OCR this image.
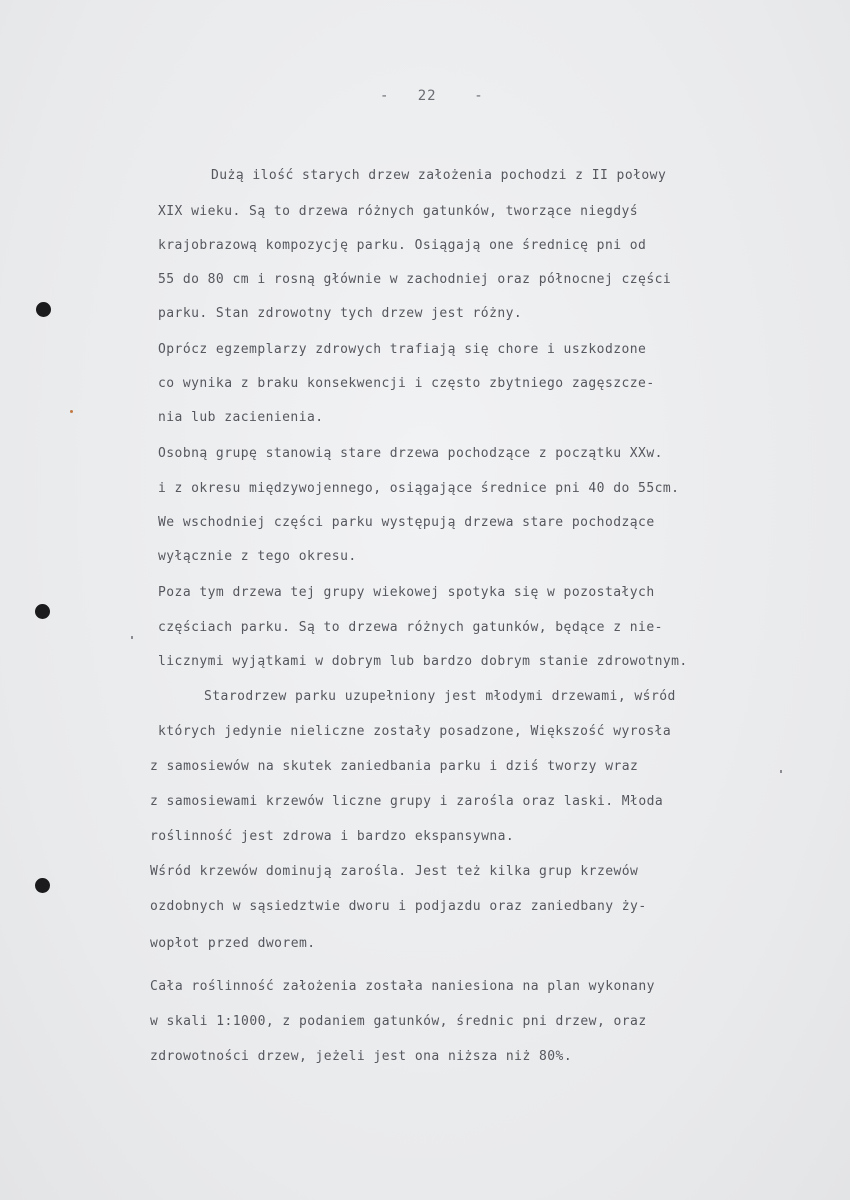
-   22    -
Dużą ilość starych drzew założenia pochodzi z II połowy
XIX wieku. Są to drzewa różnych gatunków, tworzące niegdyś
krajobrazową kompozycję parku. Osiągają one średnicę pni od
55 do 80 cm i rosną głównie w zachodniej oraz północnej części
parku. Stan zdrowotny tych drzew jest różny.
Oprócz egzemplarzy zdrowych trafiają się chore i uszkodzone
co wynika z braku konsekwencji i często zbytniego zagęszcze-
nia lub zacienienia.
Osobną grupę stanowią stare drzewa pochodzące z początku XXw.
i z okresu międzywojennego, osiągające średnice pni 40 do 55cm.
We wschodniej części parku występują drzewa stare pochodzące
wyłącznie z tego okresu.
Poza tym drzewa tej grupy wiekowej spotyka się w pozostałych
częściach parku. Są to drzewa różnych gatunków, będące z nie-
licznymi wyjątkami w dobrym lub bardzo dobrym stanie zdrowotnym.
Starodrzew parku uzupełniony jest młodymi drzewami, wśród
których jedynie nieliczne zostały posadzone, Większość wyrosła
z samosiewów na skutek zaniedbania parku i dziś tworzy wraz
z samosiewami krzewów liczne grupy i zarośla oraz laski. Młoda
roślinność jest zdrowa i bardzo ekspansywna.
Wśród krzewów dominują zarośla. Jest też kilka grup krzewów
ozdobnych w sąsiedztwie dworu i podjazdu oraz zaniedbany ży-
wopłot przed dworem.
Cała roślinność założenia została naniesiona na plan wykonany
w skali 1:1000, z podaniem gatunków, średnic pni drzew, oraz
zdrowotności drzew, jeżeli jest ona niższa niż 80%.
